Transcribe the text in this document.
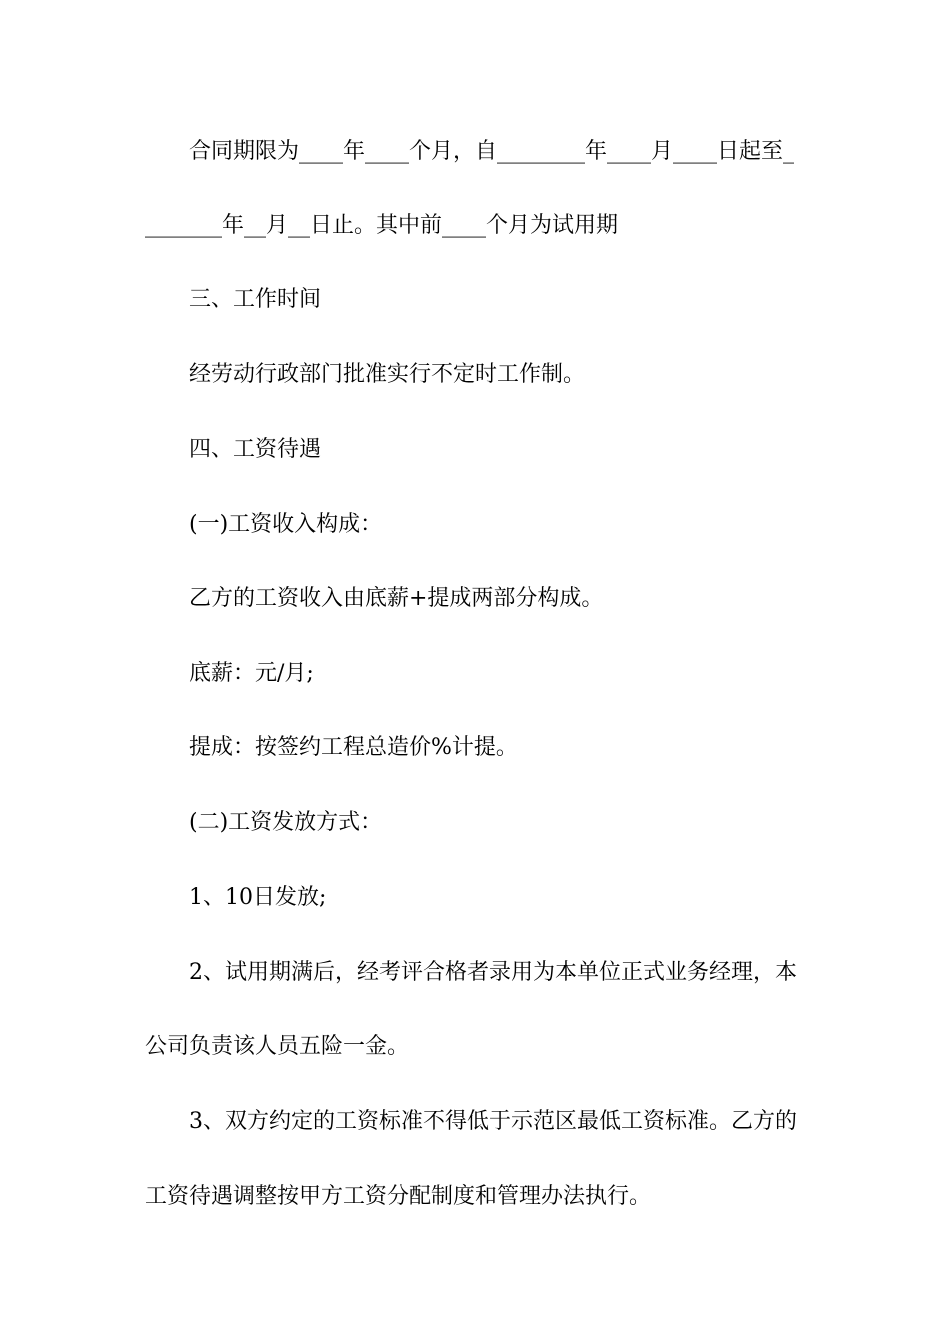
合同期限为____年____个月，自________年____月____日起至_
_______年__月__日止。其中前____个月为试用期
三、工作时间
经劳动行政部门批准实行不定时工作制。
四、工资待遇
(一)工资收入构成：
乙方的工资收入由底薪+提成两部分构成。
底薪：元/月;
提成：按签约工程总造价%计提。
(二)工资发放方式：
1、10日发放;
2、试用期满后，经考评合格者录用为本单位正式业务经理，本
公司负责该人员五险一金。
3、双方约定的工资标准不得低于示范区最低工资标准。乙方的
工资待遇调整按甲方工资分配制度和管理办法执行。
